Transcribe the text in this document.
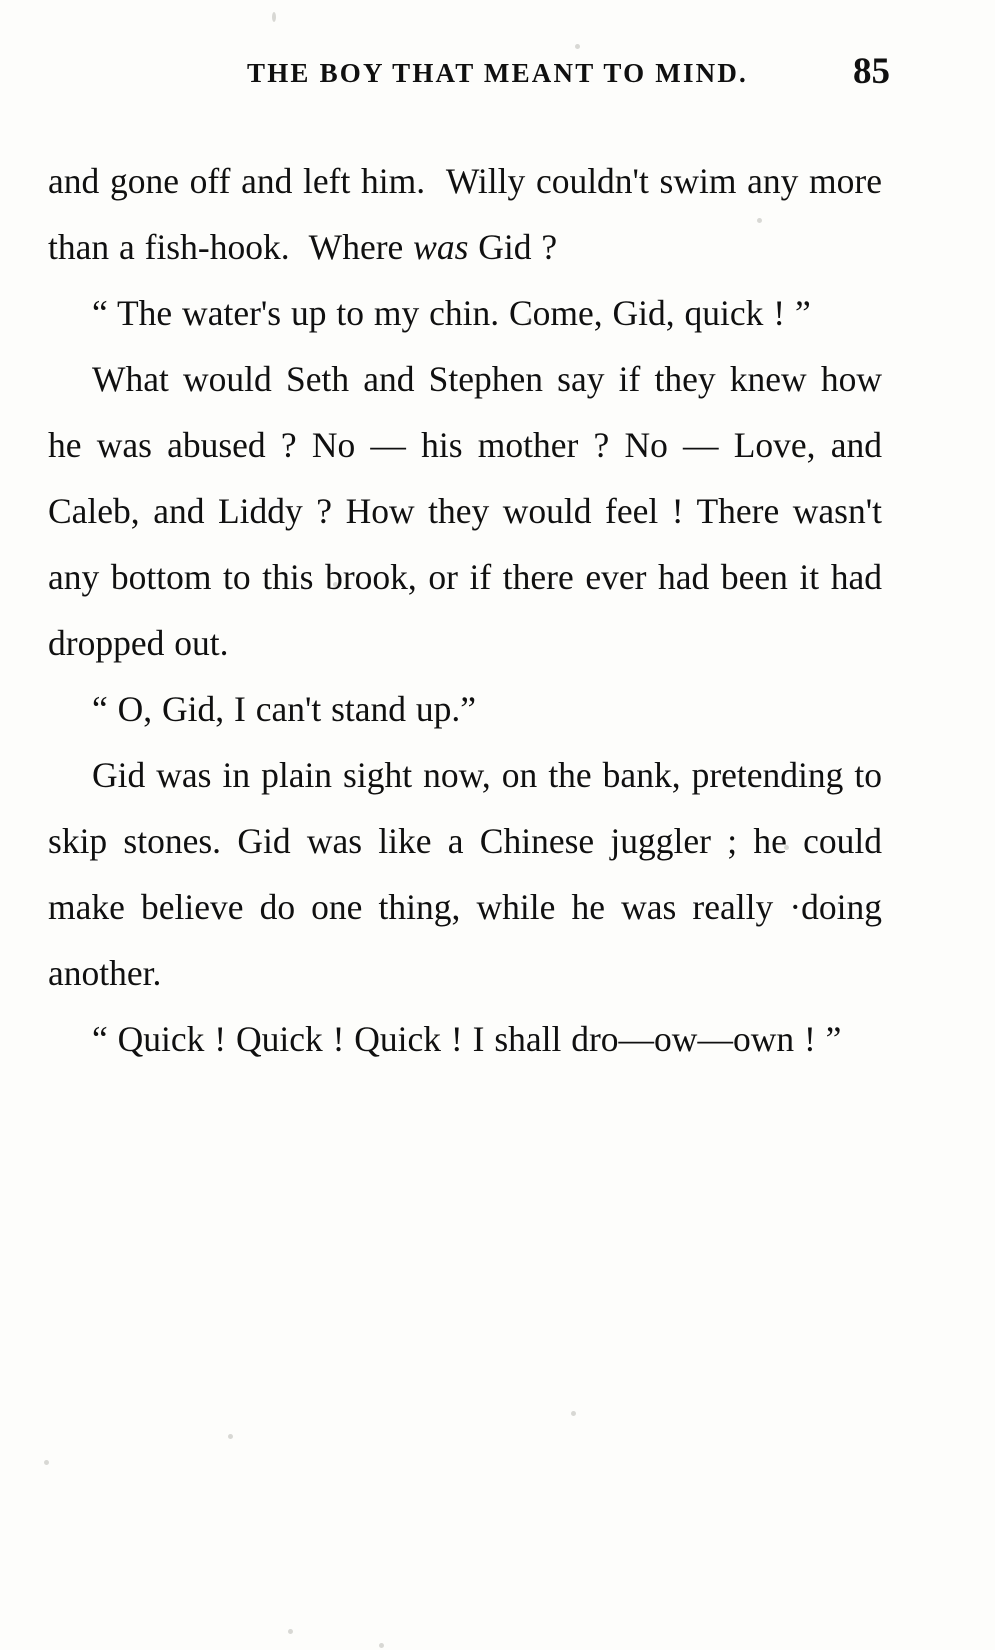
THE BOY THAT MEANT TO MIND.	85

and gone off and left him.  Willy couldn't swim any more than a fish-hook.  Where was Gid ?

“ The water's up to my chin. Come, Gid, quick ! ”

What would Seth and Stephen say if they knew how he was abused ? No — his mother ? No — Love, and Caleb, and Liddy ? How they would feel ! There wasn't any bottom to this brook, or if there ever had been it had dropped out.

“ O, Gid, I can't stand up.”

Gid was in plain sight now, on the bank, pretending to skip stones. Gid was like a Chinese juggler ; he could make believe do one thing, while he was really ·doing another.

“ Quick ! Quick ! Quick ! I shall dro—ow—own ! ”
